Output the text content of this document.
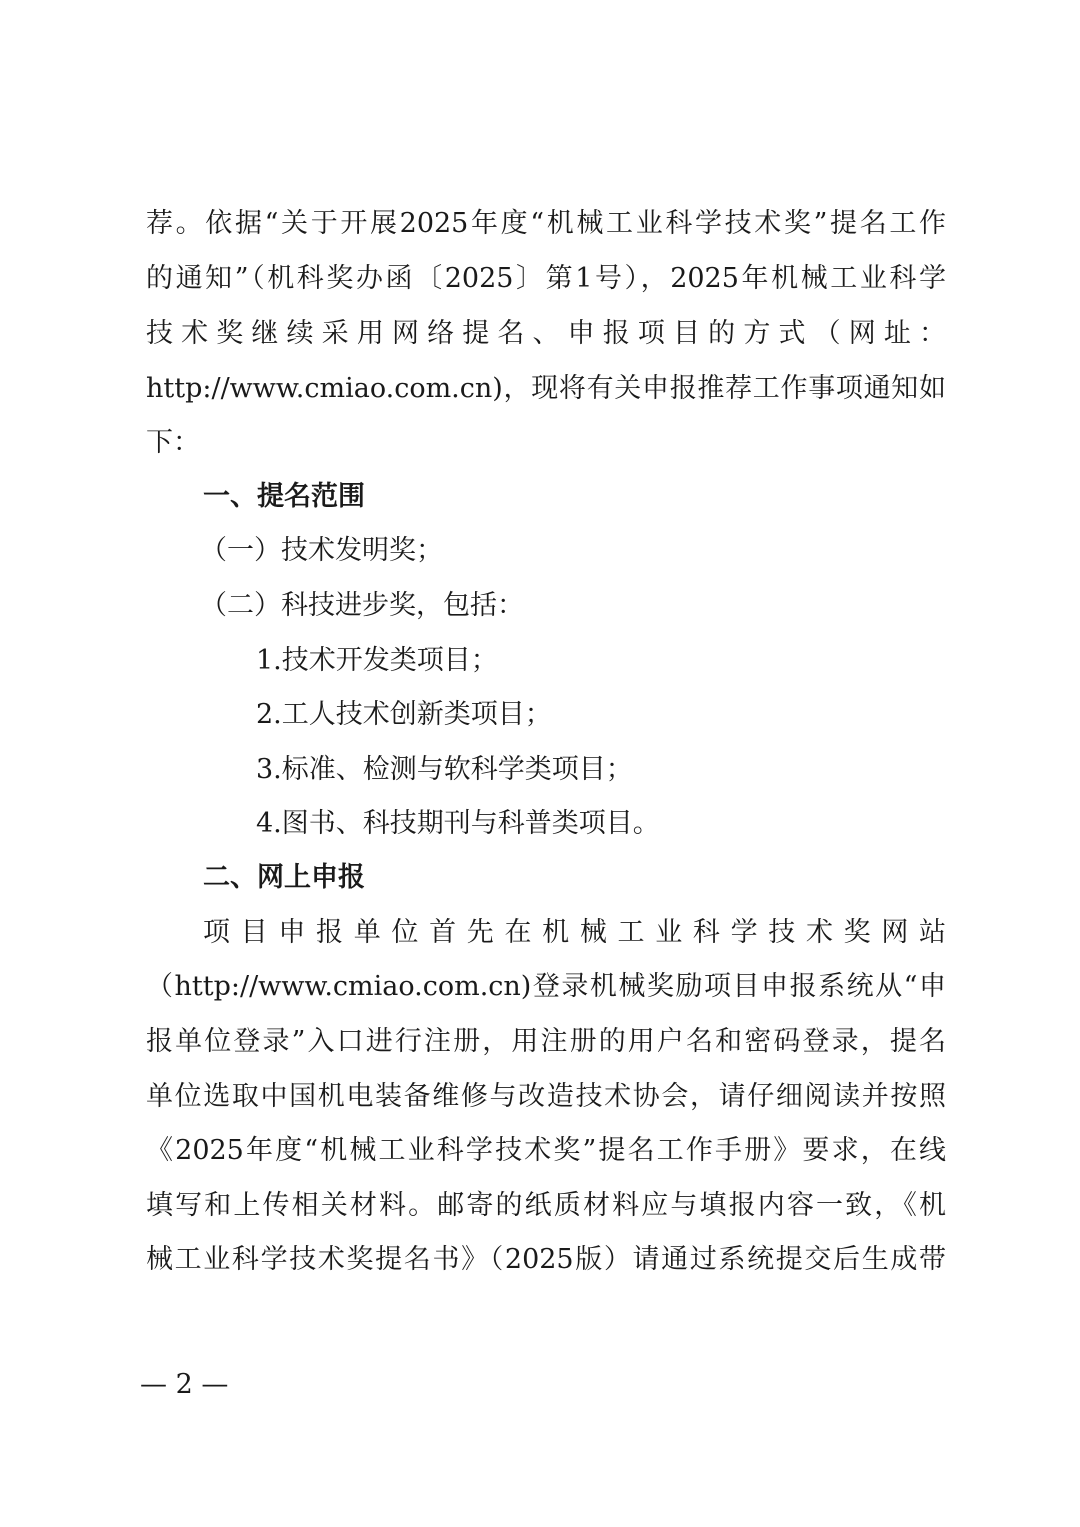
荐。依据“关于开展2025年度“机械工业科学技术奖”提名工作
的通知”（机科奖办函〔2025〕第1号），2025年机械工业科学
技术奖继续采用网络提名、申报项目的方式（网址：
http://www.cmiao.com.cn)，现将有关申报推荐工作事项通知如
下：
一、提名范围
（一）技术发明奖；
（二）科技进步奖，包括：
1.技术开发类项目；
2.工人技术创新类项目；
3.标准、检测与软科学类项目；
4.图书、科技期刊与科普类项目。
二、网上申报
项目申报单位首先在机械工业科学技术奖网站
（http://www.cmiao.com.cn)登录机械奖励项目申报系统从“申
报单位登录”入口进行注册，用注册的用户名和密码登录，提名
单位选取中国机电装备维修与改造技术协会，请仔细阅读并按照
《2025年度“机械工业科学技术奖”提名工作手册》要求，在线
填写和上传相关材料。邮寄的纸质材料应与填报内容一致，《机
械工业科学技术奖提名书》（2025版）请通过系统提交后生成带
— 2 —
